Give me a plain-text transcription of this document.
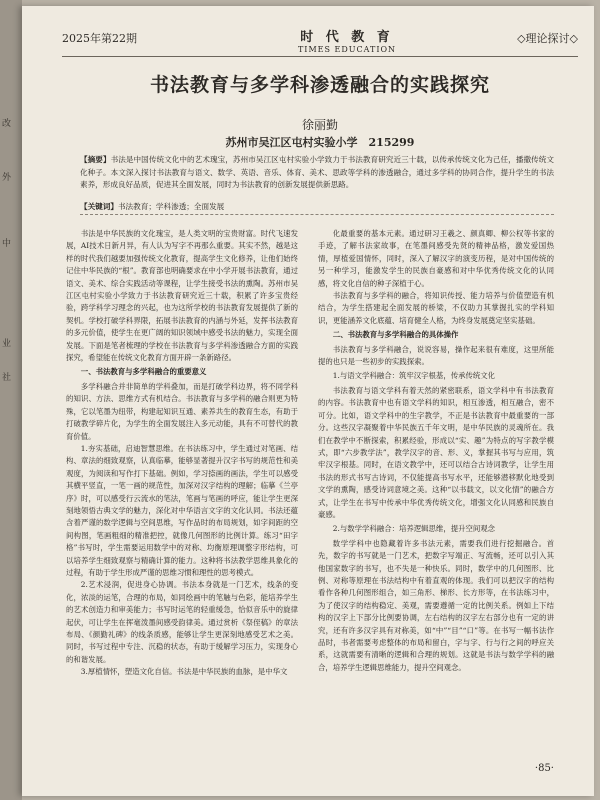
改
外
中
业
社
2025年第22期	时 代 教 育
TIMES EDUCATION
◇理论探讨◇
书法教育与多学科渗透融合的实践探究
徐丽勤
苏州市吴江区屯村实验小学　215299
【摘要】书法是中国传统文化中的艺术瑰宝，苏州市吴江区屯村实验小学致力于书法教育研究近三十载，以传承传统文化为己任，播撒传统文化种子。本文深入探讨书法教育与语文、数学、英语、音乐、体育、美术、思政等学科的渗透融合，通过多学科的协同合作，提升学生的书法素养，形成良好品质，促进其全面发展，同时为书法教育的创新发展提供新思路。
【关键词】书法教育；学科渗透；全面发展

书法是中华民族的文化瑰宝，是人类文明的宝贵财富。时代飞速发展，AI技术日新月异，有人认为写字不再那么重要。其实不然，越是这样的时代我们越要加强传统文化教育，提高学生文化修养，让他们始终记住中华民族的“根”。教育部也明确要求在中小学开展书法教育，通过语文、美术、综合实践活动等课程，让学生接受书法的熏陶。苏州市吴江区屯村实验小学致力于书法教育研究近三十载，积累了许多宝贵经验，跨学科学习理念的兴起，也为这所学校的书法教育发展提供了新的契机。学校打破学科界限，拓展书法教育的内涵与外延，发挥书法教育的多元价值，使学生在更广阔的知识领域中感受书法的魅力，实现全面发展。下面是笔者梳理的学校在书法教育与多学科渗透融合方面的实践探究，希望能在传统文化教育方面开辟一条新路径。

一、书法教育与多学科融合的重要意义

多学科融合并非简单的学科叠加，而是打破学科边界，将不同学科的知识、方法、思维方式有机结合。书法教育与多学科的融合则更为特殊，它以笔墨为纽带，构建起知识互通、素养共生的教育生态，有助于打破教学碎片化，为学生的全面发展注入多元动能，具有不可替代的教育价值。

1.夯实基础，启迪智慧思维。在书法练习中，学生通过对笔画、结构、章法的细致观察，认真临摹，能够显著提升汉字书写的规范性和美观度，为阅读和写作打下基础。例如，学习捺画的画法，学生可以感受其横平竖直，一笔一画的规范性，加深对汉字结构的理解；临摹《兰亭序》时，可以感受行云流水的笔法，笔画与笔画的呼应，能让学生更深刻地领悟古典文学的魅力，深化对中华语言文字的文化认同。书法还蕴含着严谨的数学逻辑与空间思维，写作品时的布局规划，如字间距的空间构图，笔画粗细的精准把控，就像几何图形的比例计算。练习“田字格”书写时，学生需要运用数学中的对称、均衡原理调整字形结构，可以培养学生细致观察与精确计算的能力。这种将书法教学思维具象化的过程，有助于学生形成严谨的思维习惯和理性的思考模式。

2.艺术浸润，促进身心协调。书法本身就是一门艺术，线条的变化，浓淡的运笔，合理的布局，如同绘画中的笔触与色彩，能培养学生的艺术创造力和审美能力；书写时运笔的轻重缓急，恰似音乐中的旋律起伏，可让学生在挥毫泼墨间感受韵律美。通过赏析《祭侄稿》的章法布局、《颜勤礼碑》的线条质感，能够让学生更深刻地感受艺术之美。同时，书写过程中专注、沉稳的状态，有助于缓解学习压力，实现身心的和谐发展。

3.厚植情怀，塑造文化自信。书法是中华民族的血脉，是中华文

化最重要的基本元素。通过研习王羲之、颜真卿、柳公权等书家的手迹，了解书法家故事，在笔墨间感受先贤的精神品格，激发爱国热情，厚植爱国情怀，同时，深入了解汉字的演变历程，是对中国传统的另一种学习，能激发学生的民族自豪感和对中华优秀传统文化的认同感，将文化自信的种子深植于心。

书法教育与多学科的融合，将知识传授、能力培养与价值塑造有机结合，为学生搭建起全面发展的桥梁，不仅助力其掌握扎实的学科知识，更能涵养文化底蕴、培育健全人格，为终身发展奠定坚实基础。

二、书法教育与多学科融合的具体操作

书法教育与多学科融合，说说容易，操作起来很有难度，这里所能提的也只是一些初步的实践探索。

1.与语文学科融合：筑牢汉字根基，传承传统文化

书法教育与语文学科有着天然的紧密联系，语文学科中有书法教育的内容。书法教育中也有语文学科的知识，相互渗透，相互融合，密不可分。比如，语文学科中的生字教学，不正是书法教育中最重要的一部分。这些汉字凝聚着中华民族五千年文明，是中华民族的灵魂所在。我们在教学中不断探索，积累经验，形成以“实、趣”为特点的写字教学模式，即“六步教学法”，教学汉字的音、形、义，掌握其书写与应用，筑牢汉字根基。同时，在语文教学中，还可以结合古诗词教学，让学生用书法的形式书写古诗词，不仅能提高书写水平，还能够潜移默化地受到文学的熏陶，感受诗词意境之美。这种“以书载文，以文化情”的融合方式，让学生在书写中传承中华优秀传统文化，增强文化认同感和民族自豪感。

2.与数学学科融合：培养逻辑思维，提升空间观念

数学学科中也隐藏着许多书法元素，需要我们进行挖掘融合。首先，数字的书写就是一门艺术，把数字写端正、写流畅，还可以引入其他国家数字的书写，也不失是一种快乐。同时，数学中的几何图形、比例、对称等原理在书法结构中有着直观的体现。我们可以把汉字的结构看作各种几何图形组合，如三角形、梯形、长方形等，在书法练习中，为了使汉字的结构稳定、美观，需要遵循一定的比例关系。例如上下结构的汉字上下部分比例要协调，左右结构的汉字左右部分也有一定的讲究，还有许多汉字具有对称美，如“中”“目”“口”等。在书写一幅书法作品时，书者需要考虑整体的布局和留白，字与字、行与行之间的呼应关系，这就需要有清晰的逻辑和合理的规划。这就是书法与数学学科的融合，培养学生逻辑思维能力，提升空间观念。

·85·
